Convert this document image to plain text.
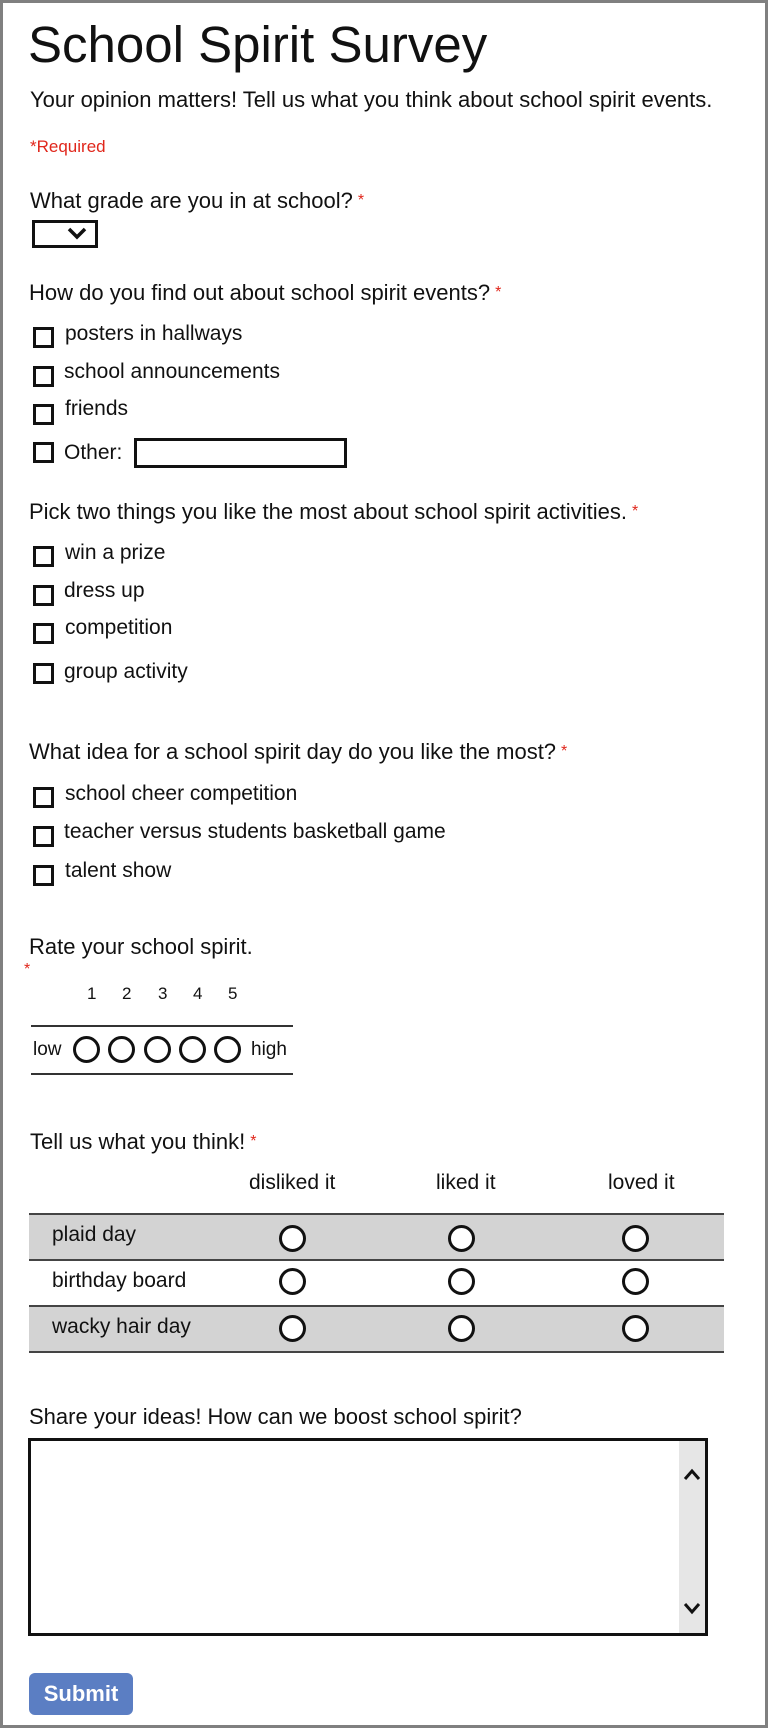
School Spirit Survey
Your opinion matters! Tell us what you think about school spirit events.
*Required
What grade are you in at school? *
How do you find out about school spirit events? *
posters in hallways
school announcements
friends
Other:
Pick two things you like the most about school spirit activities. *
win a prize
dress up
competition
group activity
What idea for a school spirit day do you like the most? *
school cheer competition
teacher versus students basketball game
talent show
Rate your school spirit.
*
1 2 3 4 5
low	high
Tell us what you think! *
disliked it	liked it	loved it
plaid day
birthday board
wacky hair day
Share your ideas! How can we boost school spirit?
Submit
